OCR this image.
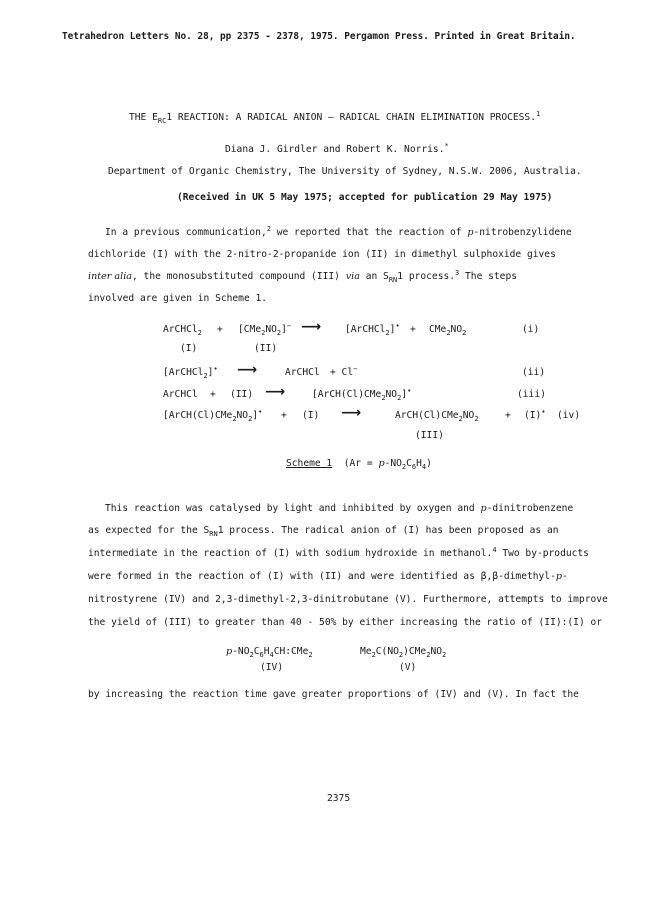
Tetrahedron Letters No. 28, pp 2375 - 2378, 1975. Pergamon Press. Printed in Great Britain.
THE $E_{RC}1$ REACTION: A RADICAL ANION — RADICAL CHAIN ELIMINATION PROCESS.$^1$
Diana J. Girdler and Robert K. Norris.*
Department of Organic Chemistry, The University of Sydney, N.S.W. 2006, Australia.
(Received in UK 5 May 1975; accepted for publication 29 May 1975)
In a previous communication,$^2$ we reported that the reaction of p-nitrobenzylidene
dichloride (I) with the 2-nitro-2-propanide ion (II) in dimethyl sulphoxide gives
inter alia, the monosubstituted compound (III) via an $S_{RN}1$ process.$^3$ The steps
involved are given in Scheme 1.
ArCHCl$_2$ + $[CMe_2NO_2]^-$ ⟶ [ArCHCl$_2$]• + $CMe_2NO_2$	(i)
(I)	(II)
[ArCHCl$_2$]• ⟶	ArCHCl + Cl−	(ii)
ArCHCl + (II) ⟶	$[ArCH(Cl)CMe_2NO_2]^•$	(iii)
$[ArCH(Cl)CMe_2NO_2]^• + (I)$ ⟶	$ArCH(Cl)CMe_2NO_2$	+ (I)• (iv)
(III)
Scheme 1 $(Ar = p-NO_2C_6H_4)$
This reaction was catalysed by light and inhibited by oxygen and p-dinitrobenzene
as expected for the $S_{RN}1$ process. The radical anion of (I) has been proposed as an
intermediate in the reaction of (I) with sodium hydroxide in methanol.$^4$ Two by-products
were formed in the reaction of (I) with (II) and were identified as β,β-dimethyl-p-
nitrostyrene (IV) and 2,3-dimethyl-2,3-dinitrobutane (V). Furthermore, attempts to improve
the yield of (III) to greater than 40 - 50% by either increasing the ratio of (II):(I) or
$p-NO_2C_6H_4CH:CMe_2$
(IV)
$Me_2C(NO_2)CMe_2NO_2$
(V)
by increasing the reaction time gave greater proportions of (IV) and (V). In fact the
2375
